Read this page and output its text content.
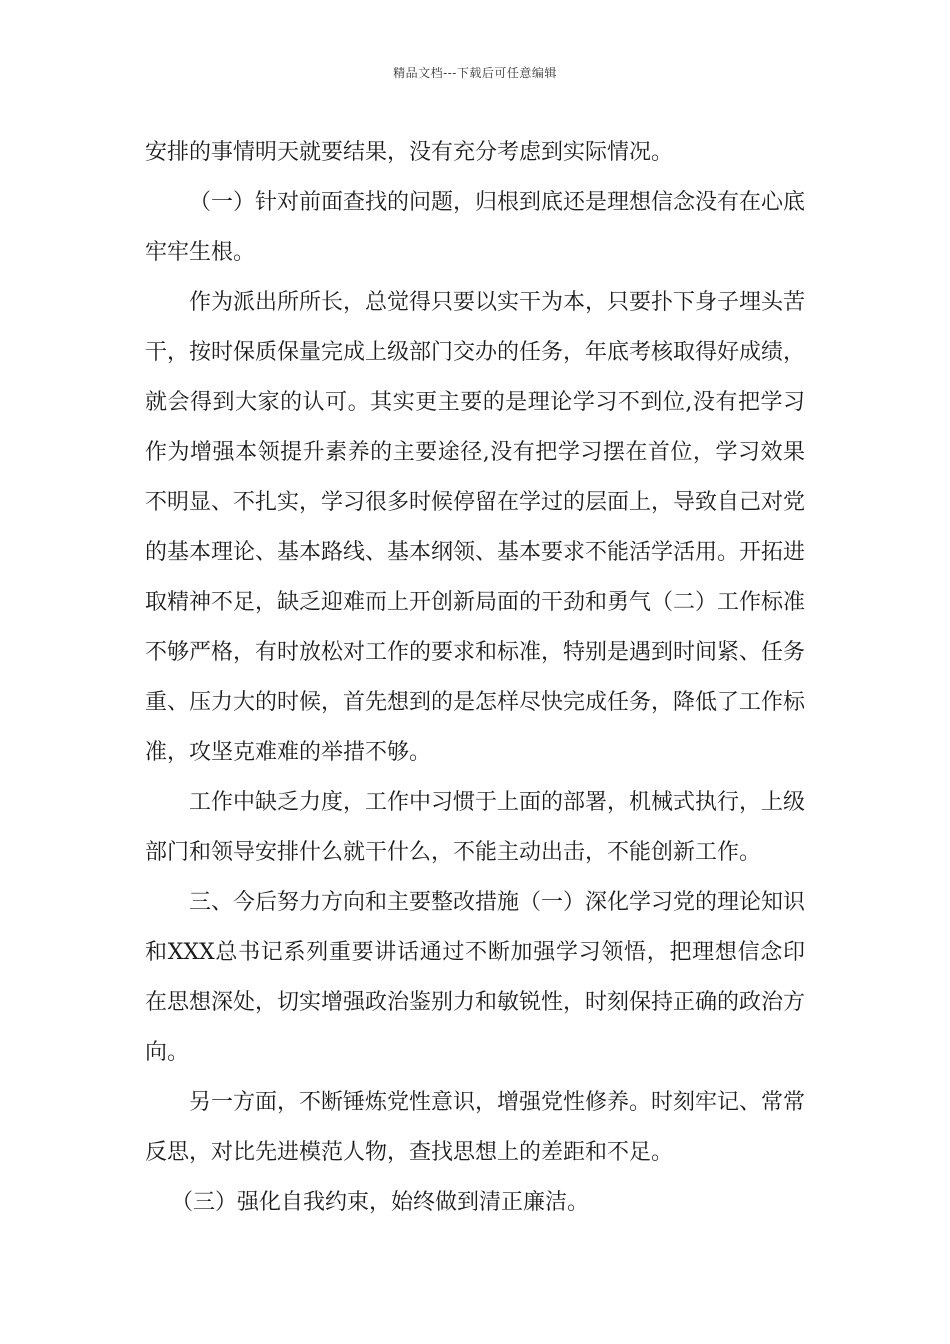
精品文档---下载后可任意编辑

安排的事情明天就要结果，没有充分考虑到实际情况。

（一）针对前面查找的问题，归根到底还是理想信念没有在心底牢牢生根。

作为派出所所长，总觉得只要以实干为本，只要扑下身子埋头苦干，按时保质保量完成上级部门交办的任务，年底考核取得好成绩，就会得到大家的认可。其实更主要的是理论学习不到位,没有把学习作为增强本领提升素养的主要途径,没有把学习摆在首位，学习效果不明显、不扎实，学习很多时候停留在学过的层面上，导致自己对党的基本理论、基本路线、基本纲领、基本要求不能活学活用。开拓进取精神不足，缺乏迎难而上开创新局面的干劲和勇气（二）工作标准不够严格，有时放松对工作的要求和标准，特别是遇到时间紧、任务重、压力大的时候，首先想到的是怎样尽快完成任务，降低了工作标准，攻坚克难难的举措不够。

工作中缺乏力度，工作中习惯于上面的部署，机械式执行，上级部门和领导安排什么就干什么，不能主动出击，不能创新工作。

三、今后努力方向和主要整改措施（一）深化学习党的理论知识和XXX总书记系列重要讲话通过不断加强学习领悟，把理想信念印在思想深处，切实增强政治鉴别力和敏锐性，时刻保持正确的政治方向。

另一方面，不断锤炼党性意识，增强党性修养。时刻牢记、常常反思，对比先进模范人物，查找思想上的差距和不足。

（三）强化自我约束，始终做到清正廉洁。
